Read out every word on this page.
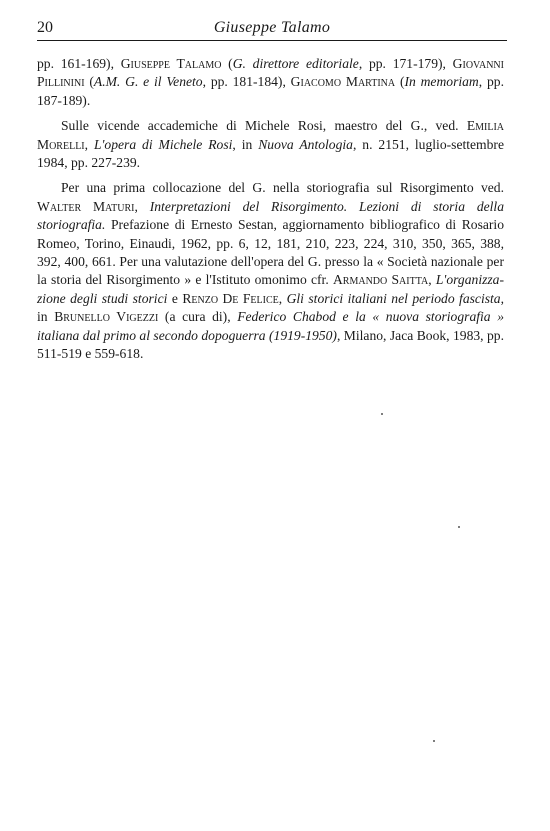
20	Giuseppe Talamo

pp. 161-169), Giuseppe Talamo (G. direttore editoriale, pp. 171-179), Giovanni Pillinini (A.M. G. e il Veneto, pp. 181-184), Giacomo Martina (In memoriam, pp. 187-189).

Sulle vicende accademiche di Michele Rosi, maestro del G., ved. Emilia Morelli, L'opera di Michele Rosi, in Nuova Antologia, n. 2151, luglio-settembre 1984, pp. 227-239.

Per una prima collocazione del G. nella storiografia sul Risorgimento ved. Walter Maturi, Interpretazioni del Risorgimento. Lezioni di storia della storiografia. Prefazione di Ernesto Sestan, aggiornamento bibliografico di Rosario Romeo, Torino, Einaudi, 1962, pp. 6, 12, 181, 210, 223, 224, 310, 350, 365, 388, 392, 400, 661. Per una valutazione dell'opera del G. presso la « Società nazionale per la storia del Risorgimento » e l'Istituto omonimo cfr. Armando Saitta, L'organizzazione degli studi storici e Renzo De Felice, Gli storici italiani nel periodo fascista, in Brunello Vigezzi (a cura di), Federico Chabod e la « nuova storiografia » italiana dal primo al secondo dopoguerra (1919-1950), Milano, Jaca Book, 1983, pp. 511-519 e 559-618.
